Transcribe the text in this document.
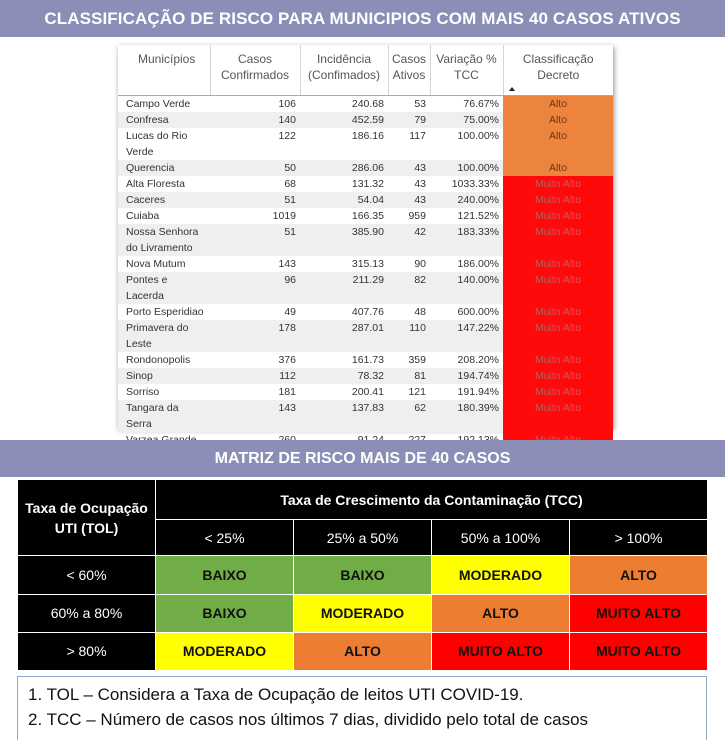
CLASSIFICAÇÃO DE RISCO PARA MUNICIPIOS COM MAIS 40 CASOS ATIVOS
Municípios	Casos Confirmados	Incidência (Confimados)	Casos Ativos	Variação % TCC	Classificação Decreto
Campo Verde	106	240.68	53	76.67%	Alto
Confresa	140	452.59	79	75.00%	Alto
Lucas do Rio Verde	122	186.16	117	100.00%	Alto
Querencia	50	286.06	43	100.00%	Alto
Alta Floresta	68	131.32	43	1033.33%	Muito Alto
Caceres	51	54.04	43	240.00%	Muito Alto
Cuiaba	1019	166.35	959	121.52%	Muito Alto
Nossa Senhora do Livramento	51	385.90	42	183.33%	Muito Alto
Nova Mutum	143	315.13	90	186.00%	Muito Alto
Pontes e Lacerda	96	211.29	82	140.00%	Muito Alto
Porto Esperidiao	49	407.76	48	600.00%	Muito Alto
Primavera do Leste	178	287.01	110	147.22%	Muito Alto
Rondonopolis	376	161.73	359	208.20%	Muito Alto
Sinop	112	78.32	81	194.74%	Muito Alto
Sorriso	181	200.41	121	191.94%	Muito Alto
Tangara da Serra	143	137.83	62	180.39%	Muito Alto

MATRIZ DE RISCO MAIS DE 40 CASOS
Taxa de Ocupação UTI (TOL)	Taxa de Crescimento da Contaminação (TCC)			
	< 25%	25% a 50%	50% a 100%	> 100%
< 60%	BAIXO	BAIXO	MODERADO	ALTO
60% a 80%	BAIXO	MODERADO	ALTO	MUITO ALTO
> 80%	MODERADO	ALTO	MUITO ALTO	MUITO ALTO

1. TOL – Considera a Taxa de Ocupação de leitos UTI COVID-19.

2. TCC – Número de casos nos últimos 7 dias, dividido pelo total de casos
